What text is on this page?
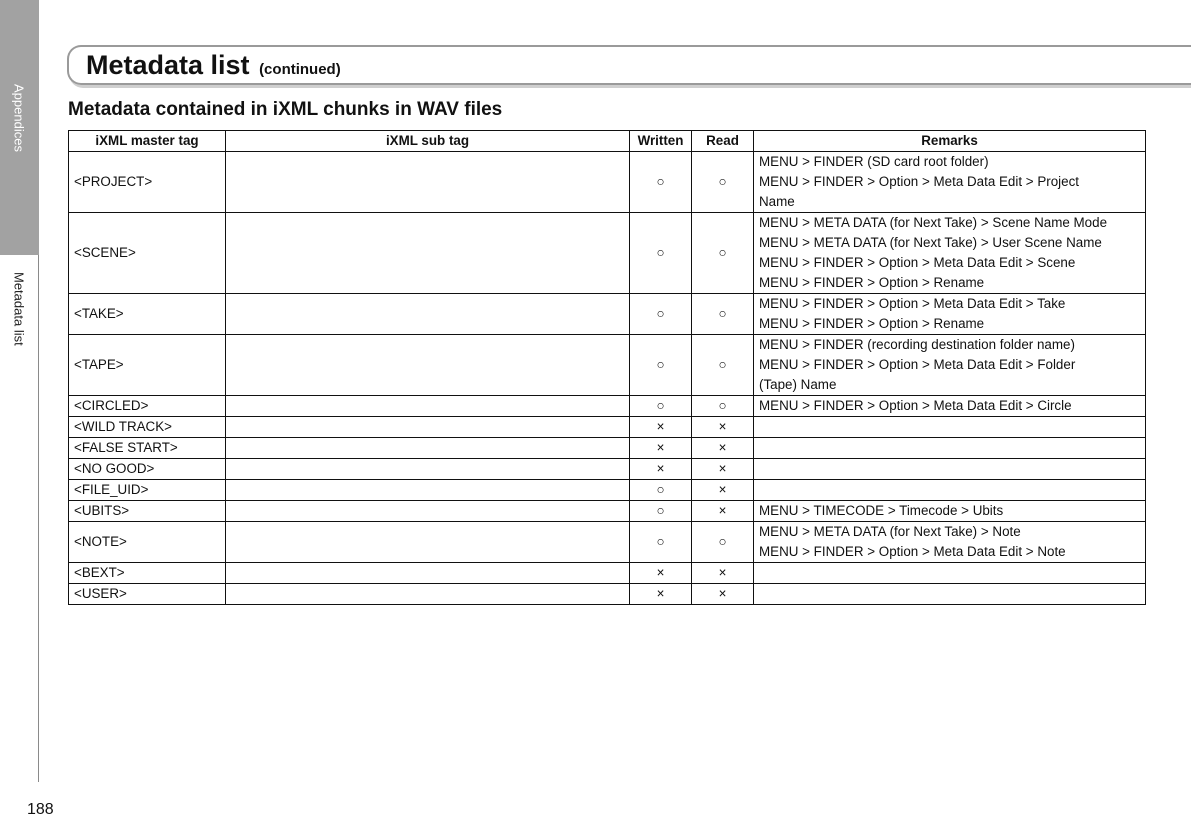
Appendices
Metadata list
Metadata list (continued)
Metadata contained in iXML chunks in WAV files
iXML master tag	iXML sub tag	Written	Read	Remarks
<PROJECT>		○	○	MENU > FINDER (SD card root folder)
MENU > FINDER > Option > Meta Data Edit > Project
Name

<SCENE>		○	○	MENU > META DATA (for Next Take) > Scene Name Mode
MENU > META DATA (for Next Take) > User Scene Name
MENU > FINDER > Option > Meta Data Edit > Scene
MENU > FINDER > Option > Rename

<TAKE>		○	○	MENU > FINDER > Option > Meta Data Edit > Take
MENU > FINDER > Option > Rename

<TAPE>		○	○	MENU > FINDER (recording destination folder name)
MENU > FINDER > Option > Meta Data Edit > Folder
(Tape) Name

<CIRCLED>		○	○	MENU > FINDER > Option > Meta Data Edit > Circle

<WILD TRACK>		×	×	
<FALSE START>		×	×	
<NO GOOD>		×	×	
<FILE_UID>		○	×	
<UBITS>		○	×	MENU > TIMECODE > Timecode > Ubits

<NOTE>		○	○	MENU > META DATA (for Next Take) > Note
MENU > FINDER > Option > Meta Data Edit > Note

<BEXT>		×	×	
<USER>		×	×	
188
